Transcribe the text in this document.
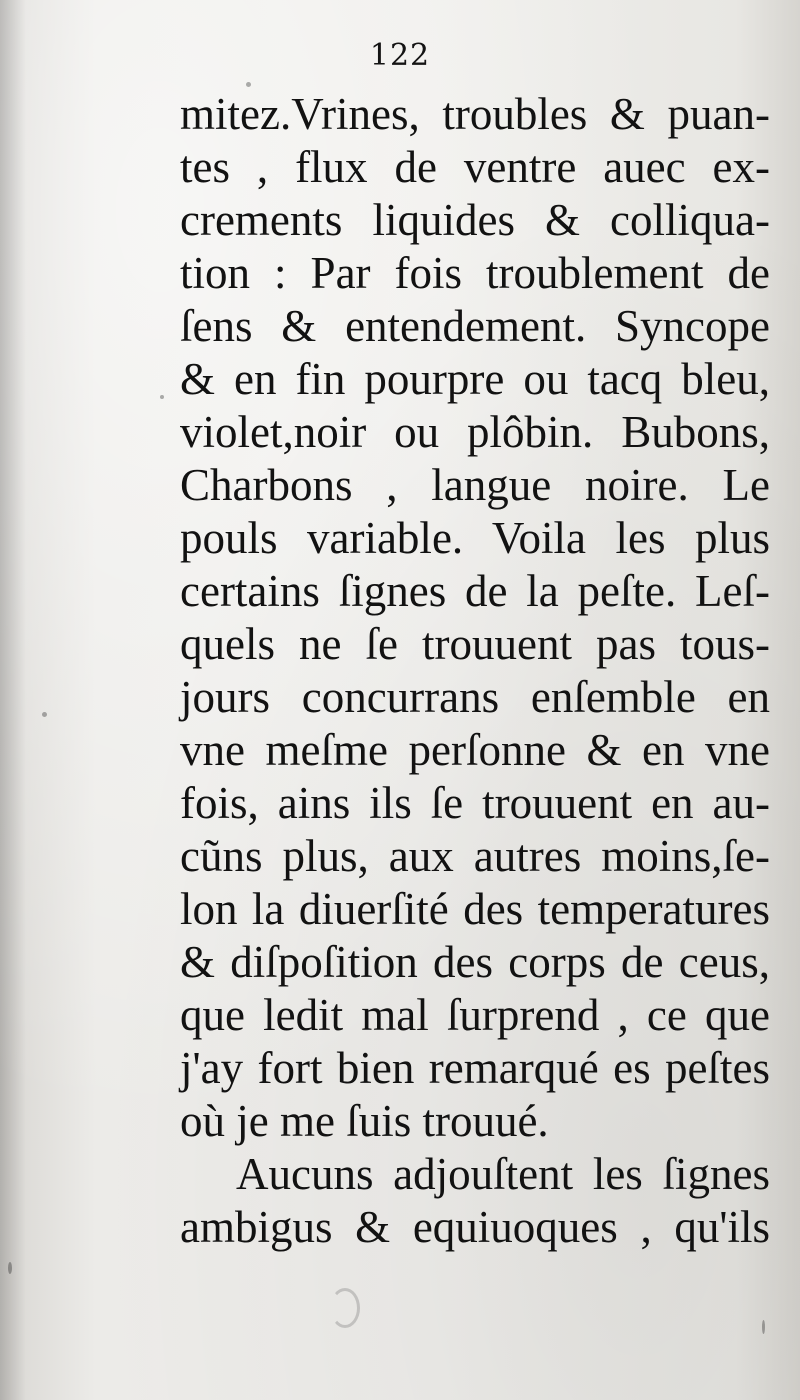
122
mitez.Vrines, troubles & puan-
tes , flux de ventre auec ex-
crements liquides & colliqua-
tion : Par fois troublement de
ſens & entendement. Syncope
& en fin pourpre ou tacq bleu,
violet,noir ou plôbin. Bubons,
Charbons , langue noire. Le
pouls variable. Voila les plus
certains ſignes de la peſte. Leſ-
quels ne ſe trouuent pas tous-
jours concurrans enſemble en
vne meſme perſonne & en vne
fois, ains ils ſe trouuent en au-
cũns plus, aux autres moins,ſe-
lon la diuerſité des temperatures
& diſpoſition des corps de ceus,
que ledit mal ſurprend , ce que
j'ay fort bien remarqué es peſtes
où je me ſuis trouué.
Aucuns adjouſtent les ſignes
ambigus & equiuoques , qu'ils
